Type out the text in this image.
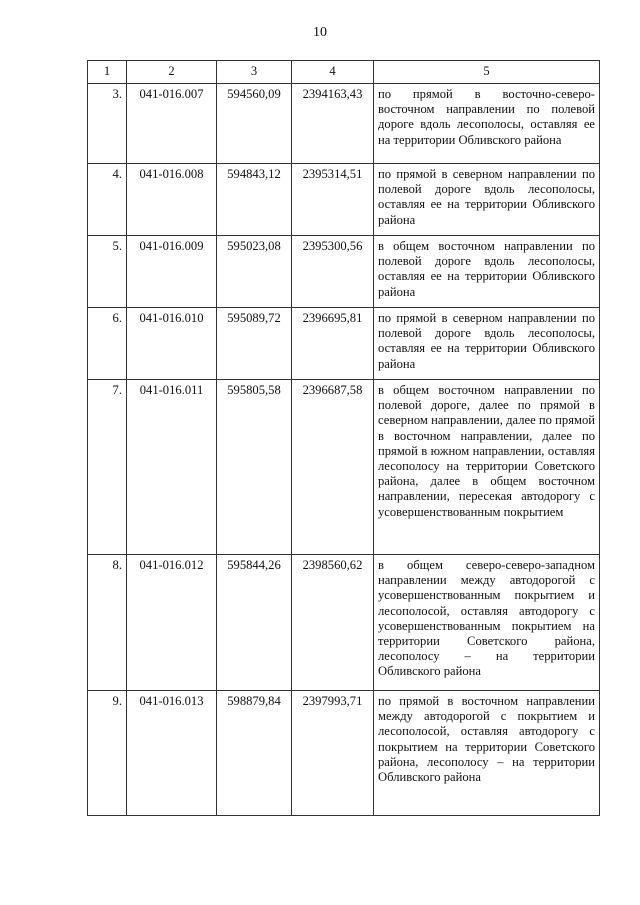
10
1	2	3	4	5
3.	041-016.007	594560,09	2394163,43	по прямой в восточно-северо-восточном направлении по полевой дороге вдоль лесополосы, оставляя ее на территории Обливского района
4.	041-016.008	594843,12	2395314,51	по прямой в северном направлении по полевой дороге вдоль лесополосы, оставляя ее на территории Обливского района
5.	041-016.009	595023,08	2395300,56	в общем восточном направлении по полевой дороге вдоль лесополосы, оставляя ее на территории Обливского района
6.	041-016.010	595089,72	2396695,81	по прямой в северном направлении по полевой дороге вдоль лесополосы, оставляя ее на территории Обливского района
7.	041-016.011	595805,58	2396687,58	в общем восточном направлении по полевой дороге, далее по прямой в северном направлении, далее по прямой в восточном направлении, далее по прямой в южном направлении, оставляя лесополосу на территории Советского района, далее в общем восточном направлении, пересекая автодорогу с усовершенствованным покрытием
8.	041-016.012	595844,26	2398560,62	в общем северо-северо-западном направлении между автодорогой с усовершенствованным покрытием и лесополосой, оставляя автодорогу с усовершенствованным покрытием на территории Советского района, лесополосу – на территории Обливского района
9.	041-016.013	598879,84	2397993,71	по прямой в восточном направлении между автодорогой с покрытием и лесополосой, оставляя автодорогу с покрытием на территории Советского района, лесополосу – на территории Обливского района
